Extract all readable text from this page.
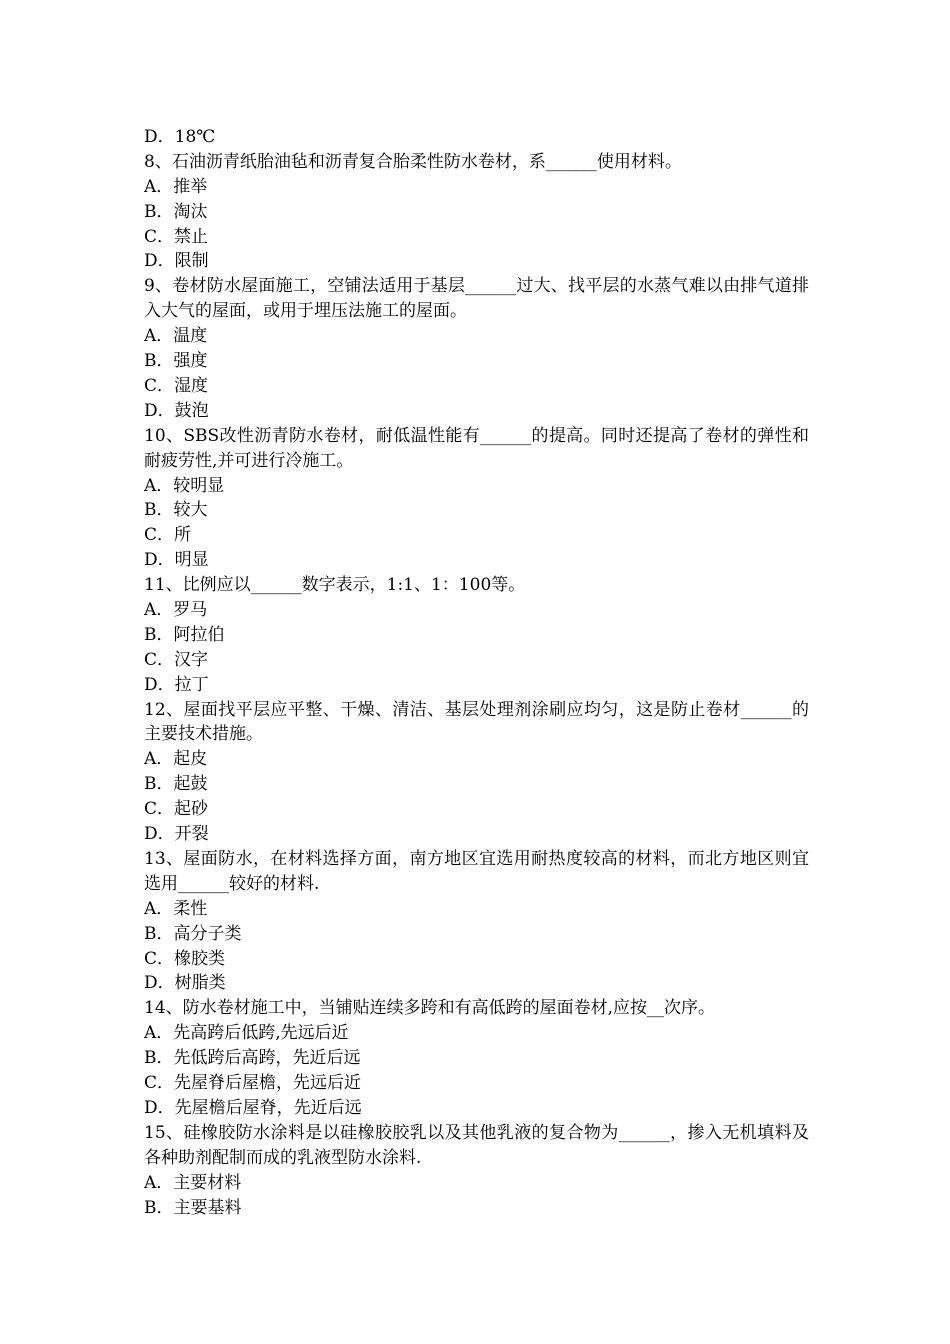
D．18℃
8、石油沥青纸胎油毡和沥青复合胎柔性防水卷材，系______使用材料。
A．推举
B．淘汰
C．禁止
D．限制
9、卷材防水屋面施工，空铺法适用于基层______过大、找平层的水蒸气难以由排气道排入大气的屋面，或用于埋压法施工的屋面。
A．温度
B．强度
C．湿度
D．鼓泡
10、SBS改性沥青防水卷材，耐低温性能有______的提高。同时还提高了卷材的弹性和耐疲劳性,并可进行冷施工。
A．较明显
B．较大
C．所
D．明显
11、比例应以______数字表示，1:1、1：100等。
A．罗马
B．阿拉伯
C．汉字
D．拉丁
12、屋面找平层应平整、干燥、清洁、基层处理剂涂刷应均匀，这是防止卷材______的主要技术措施。
A．起皮
B．起鼓
C．起砂
D．开裂
13、屋面防水，在材料选择方面，南方地区宜选用耐热度较高的材料，而北方地区则宜选用______较好的材料.
A．柔性
B．高分子类
C．橡胶类
D．树脂类
14、防水卷材施工中，当铺贴连续多跨和有高低跨的屋面卷材,应按__次序。
A．先高跨后低跨,先远后近
B．先低跨后高跨，先近后远
C．先屋脊后屋檐，先远后近
D．先屋檐后屋脊，先近后远
15、硅橡胶防水涂料是以硅橡胶胶乳以及其他乳液的复合物为______，掺入无机填料及各种助剂配制而成的乳液型防水涂料.
A．主要材料
B．主要基料
